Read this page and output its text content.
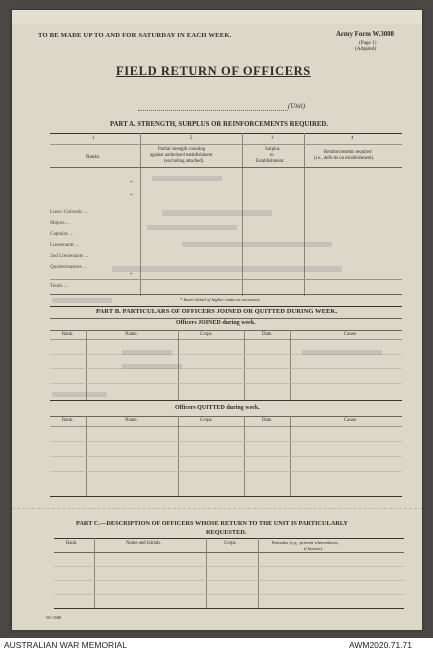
TO BE MADE UP TO AND FOR SATURDAY IN EACH WEEK.	Army Form W.3008
(Page 1)
(Adapted)
FIELD RETURN OF OFFICERS
(Unit)
PART A. STRENGTH, SURPLUS OR REINFORCEMENTS REQUIRED.
1	2	3	4
Ranks.
Partial strength counting
against authorised establishment
(excluding attached).
Surplus
to
Establishment.
Reinforcements required
(i.e., deficits on establishment).
*
*
Lieut.-Colonels ...
Majors ...
Captains ...
Lieutenants ...
2nd Lieutenants ...
Quartermasters ...
*
Totals ...
* Insert detail of higher ranks as necessary.
PART B. PARTICULARS OF OFFICERS JOINED OR QUITTED DURING WEEK.
Officers JOINED during week.
Rank.	Name.	Corps.	Date.	Cause.
Officers QUITTED during week.
Rank.	Name.	Corps.	Date.	Cause.
PART C.—DESCRIPTION OF OFFICERS WHOSE RETURN TO THE UNIT IS PARTICULARLY
REQUESTED.
Rank.	Name and Initials.	Corps.	Remarks (e.g., present whereabouts,
if known).
Wt 5588
AUSTRALIAN WAR MEMORIAL	AWM2020.71.71
